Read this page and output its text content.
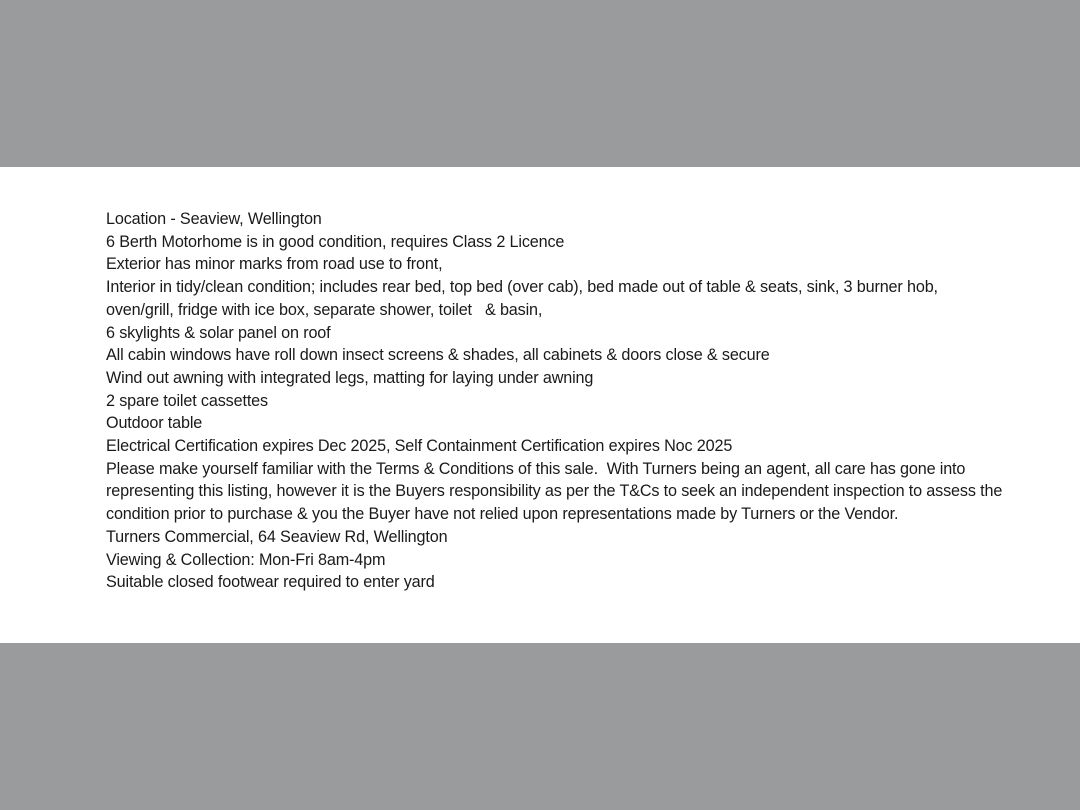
Location - Seaview, Wellington
6 Berth Motorhome is in good condition, requires Class 2 Licence
Exterior has minor marks from road use to front,
Interior in tidy/clean condition; includes rear bed, top bed (over cab), bed made out of table & seats, sink, 3 burner hob, oven/grill, fridge with ice box, separate shower, toilet   & basin,
6 skylights & solar panel on roof
All cabin windows have roll down insect screens & shades, all cabinets & doors close & secure
Wind out awning with integrated legs, matting for laying under awning
2 spare toilet cassettes
Outdoor table
Electrical Certification expires Dec 2025, Self Containment Certification expires Noc 2025
Please make yourself familiar with the Terms & Conditions of this sale.  With Turners being an agent, all care has gone into representing this listing, however it is the Buyers responsibility as per the T&Cs to seek an independent inspection to assess the condition prior to purchase & you the Buyer have not relied upon representations made by Turners or the Vendor.
Turners Commercial, 64 Seaview Rd, Wellington
Viewing & Collection: Mon-Fri 8am-4pm
Suitable closed footwear required to enter yard
